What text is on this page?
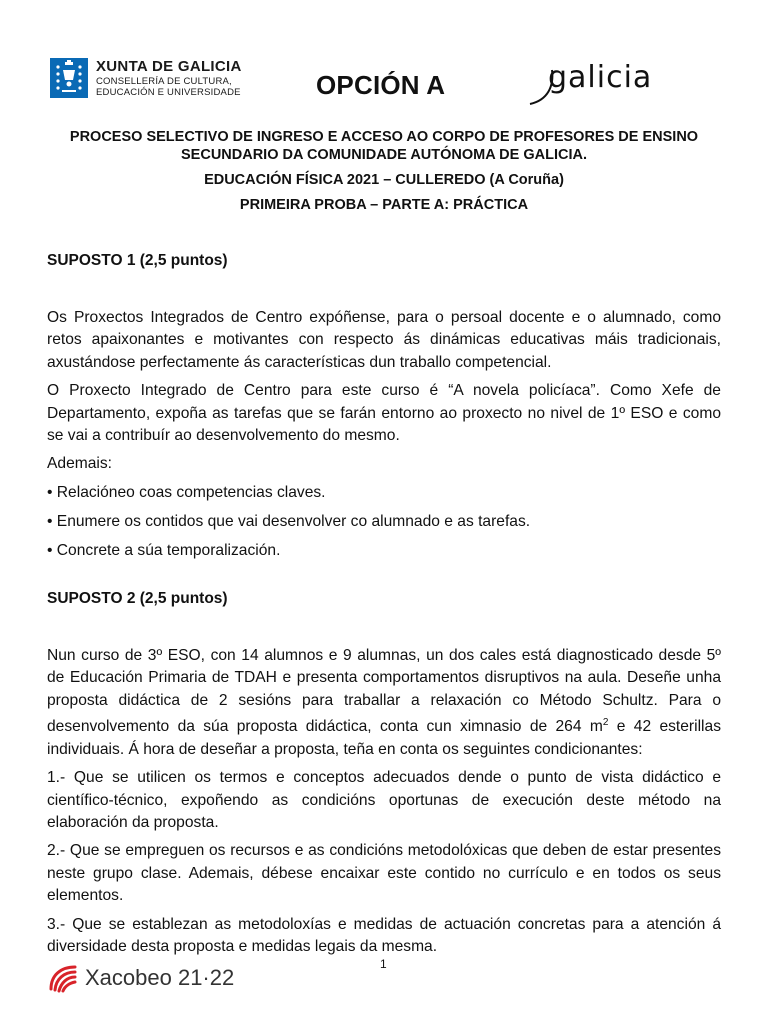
XUNTA DE GALICIA
CONSELLERÍA DE CULTURA,
EDUCACIÓN E UNIVERSIDADE	OPCIÓN A	galicia

PROCESO SELECTIVO DE INGRESO E ACCESO AO CORPO DE PROFESORES DE ENSINO

SECUNDARIO DA COMUNIDADE AUTÓNOMA DE GALICIA.

EDUCACIÓN FÍSICA 2021 – CULLEREDO (A Coruña)

PRIMEIRA PROBA – PARTE A: PRÁCTICA

SUPOSTO 1 (2,5 puntos)

Os Proxectos Integrados de Centro expóñense, para o persoal docente e o alumnado, como retos apaixonantes e motivantes con respecto ás dinámicas educativas máis tradicionais, axustándose perfectamente ás características dun traballo competencial.

O Proxecto Integrado de Centro para este curso é “A novela policíaca”. Como Xefe de Departamento, expoña as tarefas que se farán entorno ao proxecto no nivel de 1º ESO e como se vai a contribuír ao desenvolvemento do mesmo.

Ademais:

• Relacióneo coas competencias claves.

• Enumere os contidos que vai desenvolver co alumnado e as tarefas.

• Concrete a súa temporalización.

SUPOSTO 2 (2,5 puntos)

Nun curso de 3º ESO, con 14 alumnos e 9 alumnas, un dos cales está diagnosticado desde 5º de Educación Primaria de TDAH e presenta comportamentos disruptivos na aula. Deseñe unha proposta didáctica de 2 sesións para traballar a relaxación co Método Schultz. Para o desenvolvemento da súa proposta didáctica, conta cun ximnasio de 264 $m^2$ e 42 esterillas individuais. Á hora de deseñar a proposta, teña en conta os seguintes condicionantes:

1.- Que se utilicen os termos e conceptos adecuados dende o punto de vista didáctico e científico-técnico, expoñendo as condicións oportunas de execución deste método na elaboración da proposta.

2.- Que se empreguen os recursos e as condicións metodolóxicas que deben de estar presentes neste grupo clase. Ademais, débese encaixar este contido no currículo e en todos os seus elementos.

3.- Que se establezan as metodoloxías e medidas de actuación concretas para a atención á diversidade desta proposta e medidas legais da mesma.

1
Xacobeo 21·22
